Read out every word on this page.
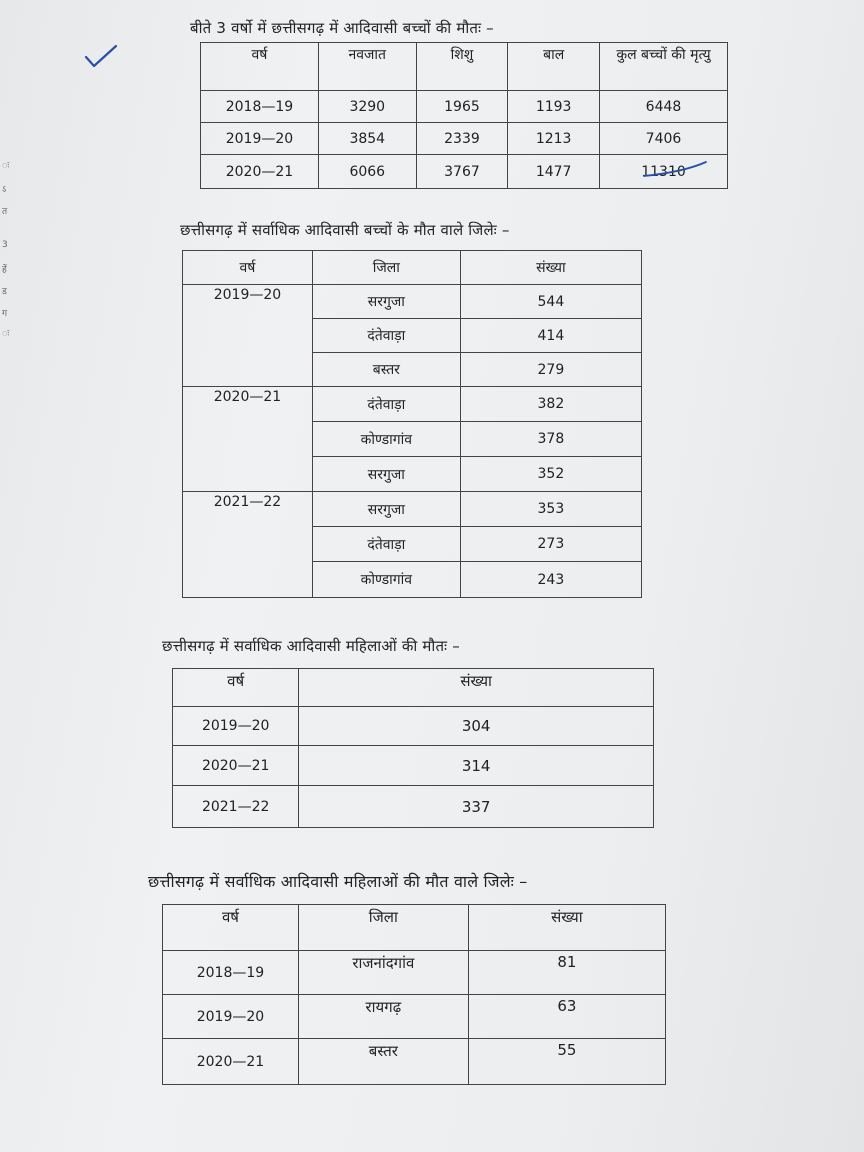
ः
ऽ
त
3
हें
ड
ग
ः
बीते 3 वर्षो में छत्तीसगढ़ में आदिवासी बच्चों की मौतः –
वर्ष	नवजात	शिशु	बाल	कुल बच्चों की मृत्यु
2018—19	3290	1965	1193	6448
2019—20	3854	2339	1213	7406
2020—21	6066	3767	1477	11310
छत्तीसगढ़ में सर्वाधिक आदिवासी बच्चों के मौत वाले जिलेः –
वर्ष	जिला	संख्या
2019—20	सरगुजा	544
	दंतेवाड़ा	414
	बस्तर	279
2020—21	दंतेवाड़ा	382
	कोण्डागांव	378
	सरगुजा	352
2021—22	सरगुजा	353
	दंतेवाड़ा	273
	कोण्डागांव	243
छत्तीसगढ़ में सर्वाधिक आदिवासी महिलाओं की मौतः –
वर्ष	संख्या
2019—20	304
2020—21	314
2021—22	337
छत्तीसगढ़ में सर्वाधिक आदिवासी महिलाओं की मौत वाले जिलेः –
वर्ष	जिला	संख्या
2018—19	राजनांदगांव	81
2019—20	रायगढ़	63
2020—21	बस्तर	55
